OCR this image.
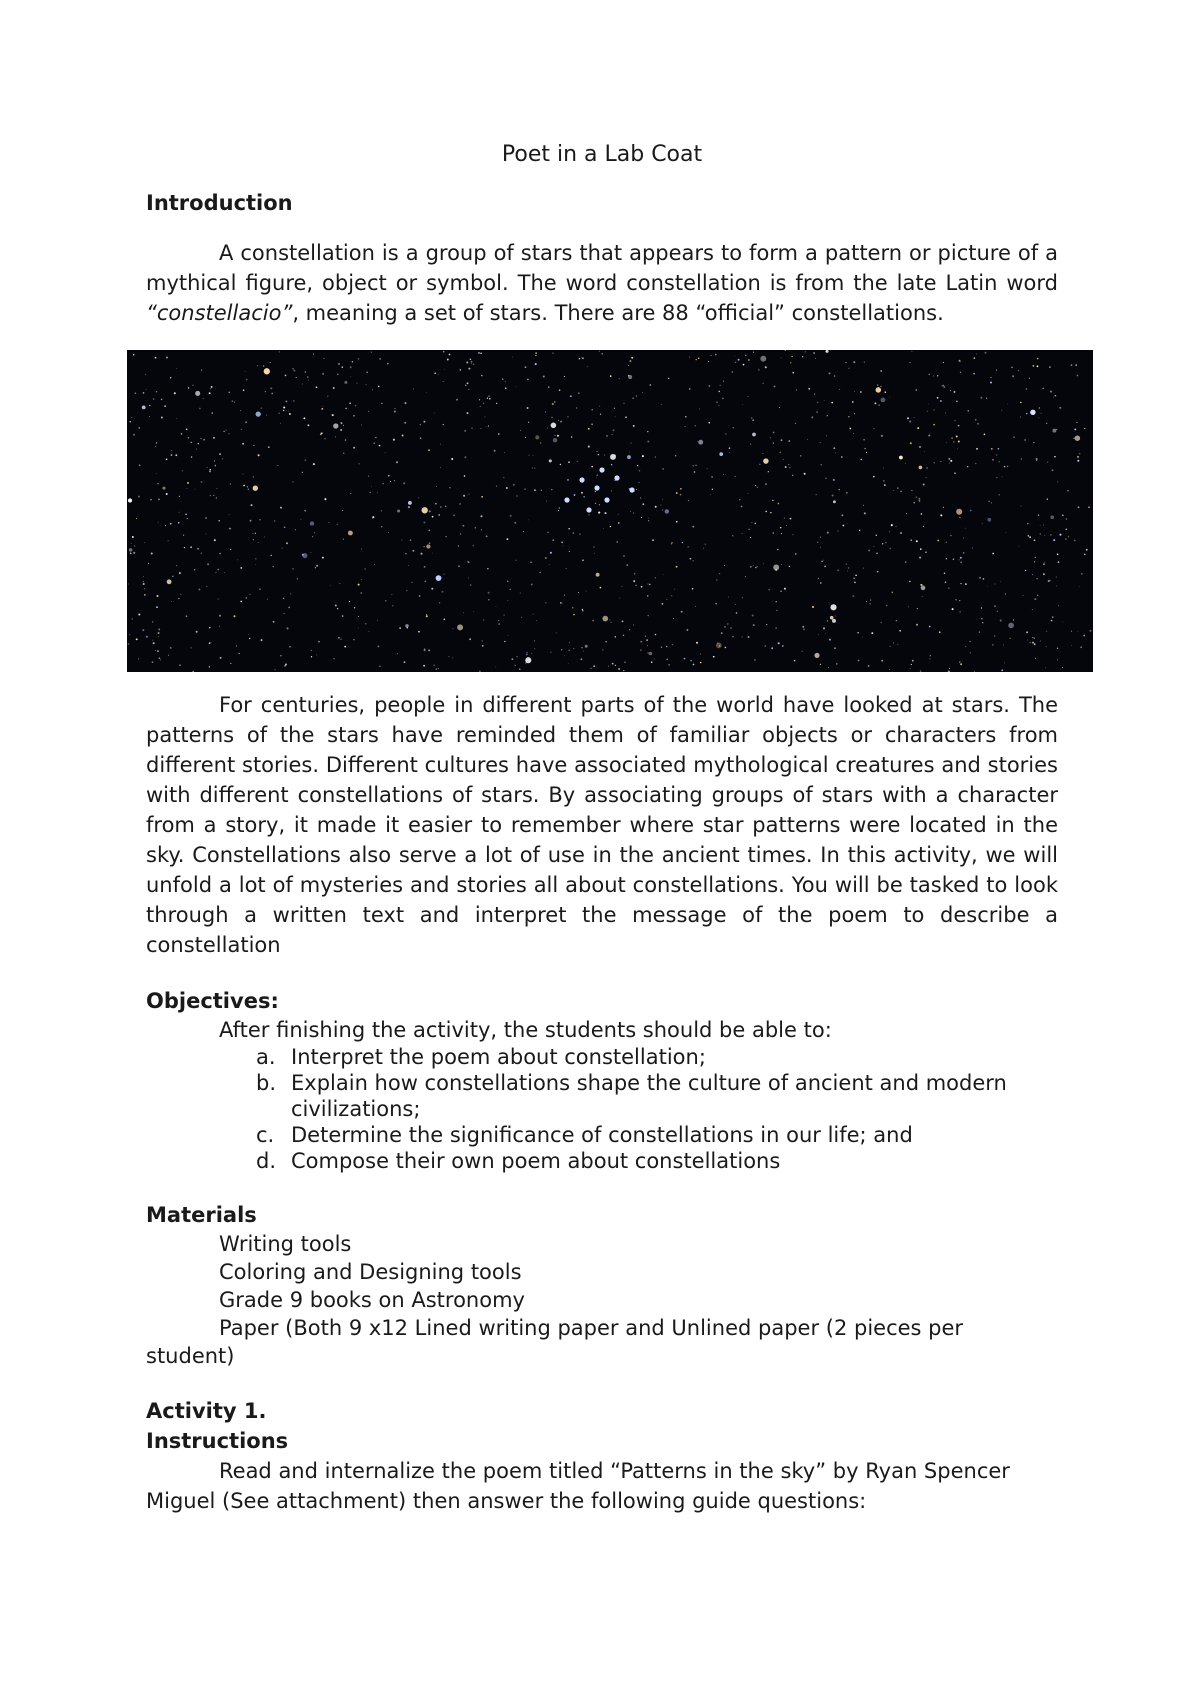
Poet in a Lab Coat
Introduction

A constellation is a group of stars that appears to form a pattern or picture of a mythical figure, object or symbol. The word constellation is from the late Latin word “constellacio”, meaning a set of stars. There are 88 “official” constellations.

For centuries, people in different parts of the world have looked at stars. The patterns of the stars have reminded them of familiar objects or characters from different stories. Different cultures have associated mythological creatures and stories with different constellations of stars. By associating groups of stars with a character from a story, it made it easier to remember where star patterns were located in the sky. Constellations also serve a lot of use in the ancient times. In this activity, we will unfold a lot of mysteries and stories all about constellations. You will be tasked to look through a written text and interpret the message of the poem to describe a constellation

Objectives:

After finishing the activity, the students should be able to:

a. Interpret the poem about constellation;
b. Explain how constellations shape the culture of ancient and modern civilizations;
c. Determine the significance of constellations in our life; and
d. Compose their own poem about constellations
Materials

Writing tools

Coloring and Designing tools

Grade 9 books on Astronomy

Paper (Both 9 x12 Lined writing paper and Unlined paper (2 pieces per student)

Activity 1.
Instructions

Read and internalize the poem titled “Patterns in the sky” by Ryan Spencer Miguel (See attachment) then answer the following guide questions:
